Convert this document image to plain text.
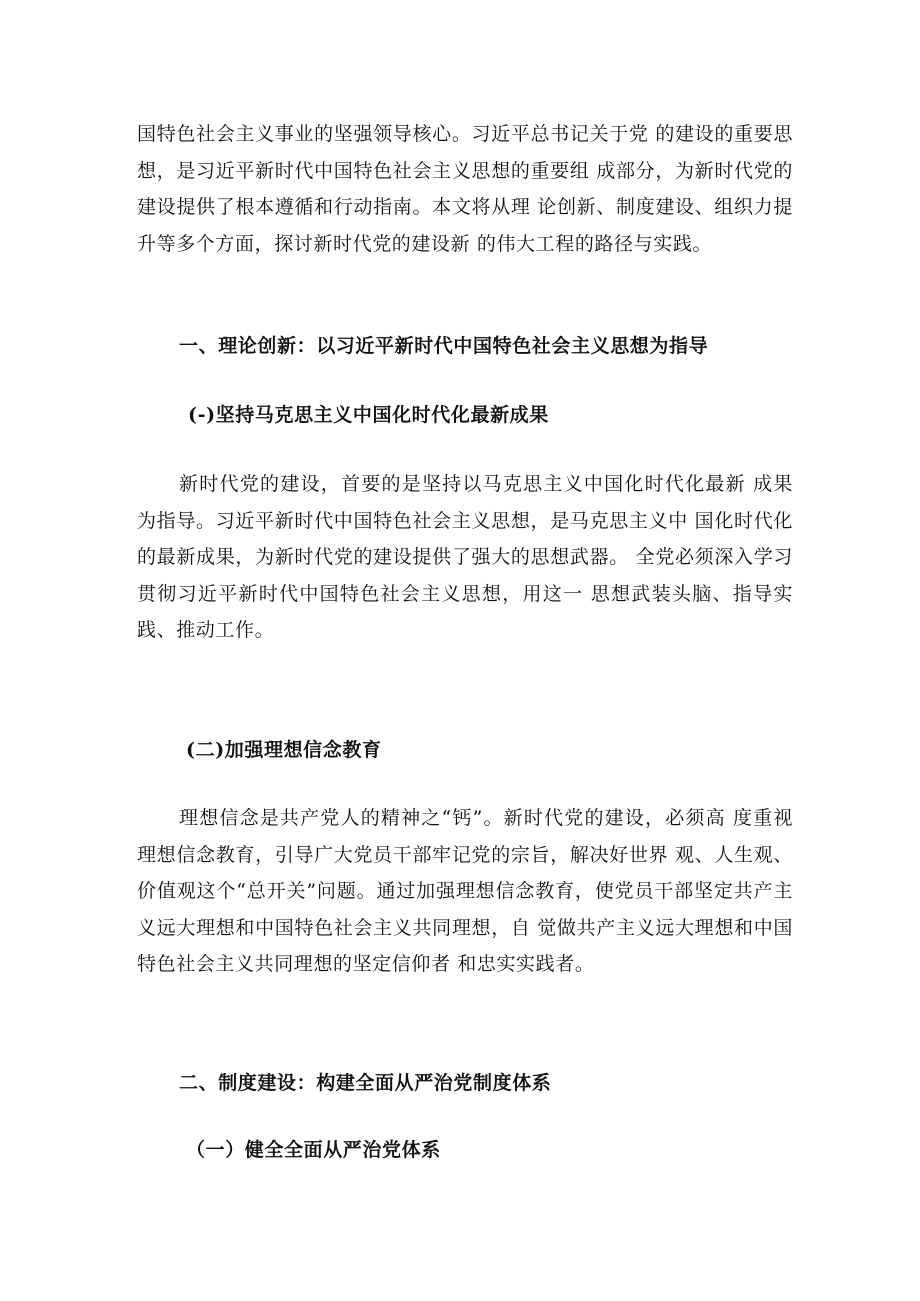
国特色社会主义事业的坚强领导核心。习近平总书记关于党 的建设的重要思想，是习近平新时代中国特色社会主义思想的重要组 成部分，为新时代党的建设提供了根本遵循和行动指南。本文将从理 论创新、制度建设、组织力提升等多个方面，探讨新时代党的建设新 的伟大工程的路径与实践。

一、理论创新：以习近平新时代中国特色社会主义思想为指导
(-)坚持马克思主义中国化时代化最新成果

新时代党的建设，首要的是坚持以马克思主义中国化时代化最新 成果为指导。习近平新时代中国特色社会主义思想，是马克思主义中 国化时代化的最新成果，为新时代党的建设提供了强大的思想武器。 全党必须深入学习贯彻习近平新时代中国特色社会主义思想，用这一 思想武装头脑、指导实践、推动工作。

(二)加强理想信念教育

理想信念是共产党人的精神之“钙”。新时代党的建设，必须高 度重视理想信念教育，引导广大党员干部牢记党的宗旨，解决好世界 观、人生观、价值观这个“总开关”问题。通过加强理想信念教育，使党员干部坚定共产主义远大理想和中国特色社会主义共同理想，自 觉做共产主义远大理想和中国特色社会主义共同理想的坚定信仰者 和忠实实践者。

二、制度建设：构建全面从严治党制度体系
（一）健全全面从严治党体系
